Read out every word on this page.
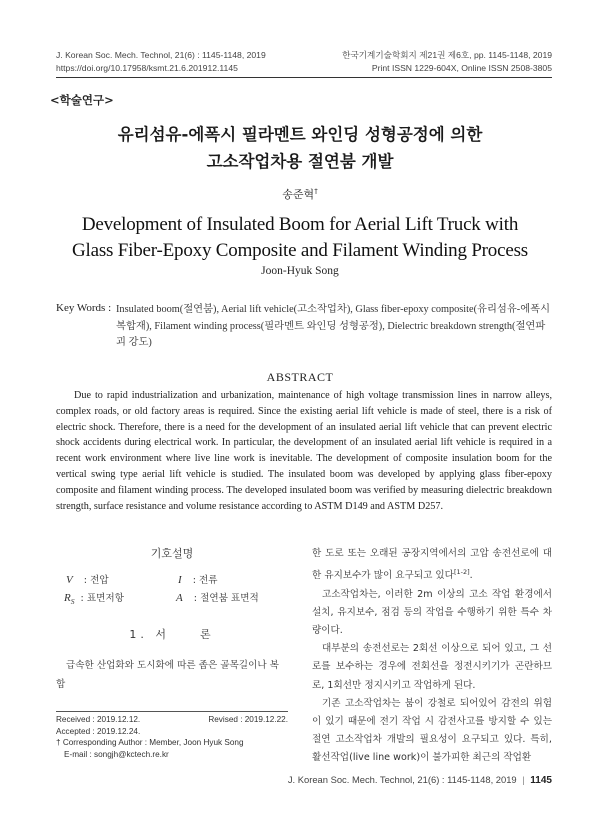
J. Korean Soc. Mech. Technol, 21(6) : 1145-1148, 2019
https://doi.org/10.17958/ksmt.21.6.201912.1145
한국기계기술학회지 제21권 제6호, pp. 1145-1148, 2019
Print ISSN 1229-604X, Online ISSN 2508-3805
<학술연구>
유리섬유-에폭시 필라멘트 와인딩 성형공정에 의한
고소작업차용 절연붐 개발
송준혁†
Development of Insulated Boom for Aerial Lift Truck with
Glass Fiber-Epoxy Composite and Filament Winding Process
Joon-Hyuk Song
Key Words : Insulated boom(절연붐), Aerial lift vehicle(고소작업차), Glass fiber-epoxy composite(유리섬유-에폭시 복합재), Filament winding process(필라멘트 와인딩 성형공정), Dielectric breakdown strength(절연파괴 강도)
ABSTRACT
Due to rapid industrialization and urbanization, maintenance of high voltage transmission lines in narrow alleys, complex roads, or old factory areas is required. Since the existing aerial lift vehicle is made of steel, there is a risk of electric shock. Therefore, there is a need for the development of an insulated aerial lift vehicle that can prevent electric shock accidents during electrical work. In particular, the development of an insulated aerial lift vehicle is required in a recent work environment where live line work is inevitable. The development of composite insulation boom for the vertical swing type aerial lift vehicle is studied. The insulated boom was developed by applying glass fiber-epoxy composite and filament winding process. The developed insulated boom was verified by measuring dielectric breakdown strength, surface resistance and volume resistance according to ASTM D149 and ASTM D257.
기호설명
V : 전압	I : 전류
$R_S$ : 표면저항	A : 절연붐 표면적
1. 서    론
급속한 산업화와 도시화에 따른 좁은 골목길이나 복합
Received : 2019.12.12.	Revised : 2019.12.22.
Accepted : 2019.12.24.
† Corresponding Author : Member, Joon Hyuk Song
E-mail : songjh@kctech.re.kr

한 도로 또는 오래된 공장지역에서의 고압 송전선로에 대한 유지보수가 많이 요구되고 있다[1-2].

고소작업차는, 이러한 2m 이상의 고소 작업 환경에서 설치, 유지보수, 점검 등의 작업을 수행하기 위한 특수 차량이다.

대부분의 송전선로는 2회선 이상으로 되어 있고, 그 선로를 보수하는 경우에 전회선을 정전시키기가 곤란하므로, 1회선만 정지시키고 작업하게 된다.

기존 고소작업차는 붐이 강철로 되어있어 감전의 위험이 있기 때문에 전기 작업 시 감전사고를 방지할 수 있는 절연 고소작업차 개발의 필요성이 요구되고 있다. 특히, 활선작업(live line work)이 불가피한 최근의 작업환

J. Korean Soc. Mech. Technol, 21(6) : 1145-1148, 2019 | 1145
